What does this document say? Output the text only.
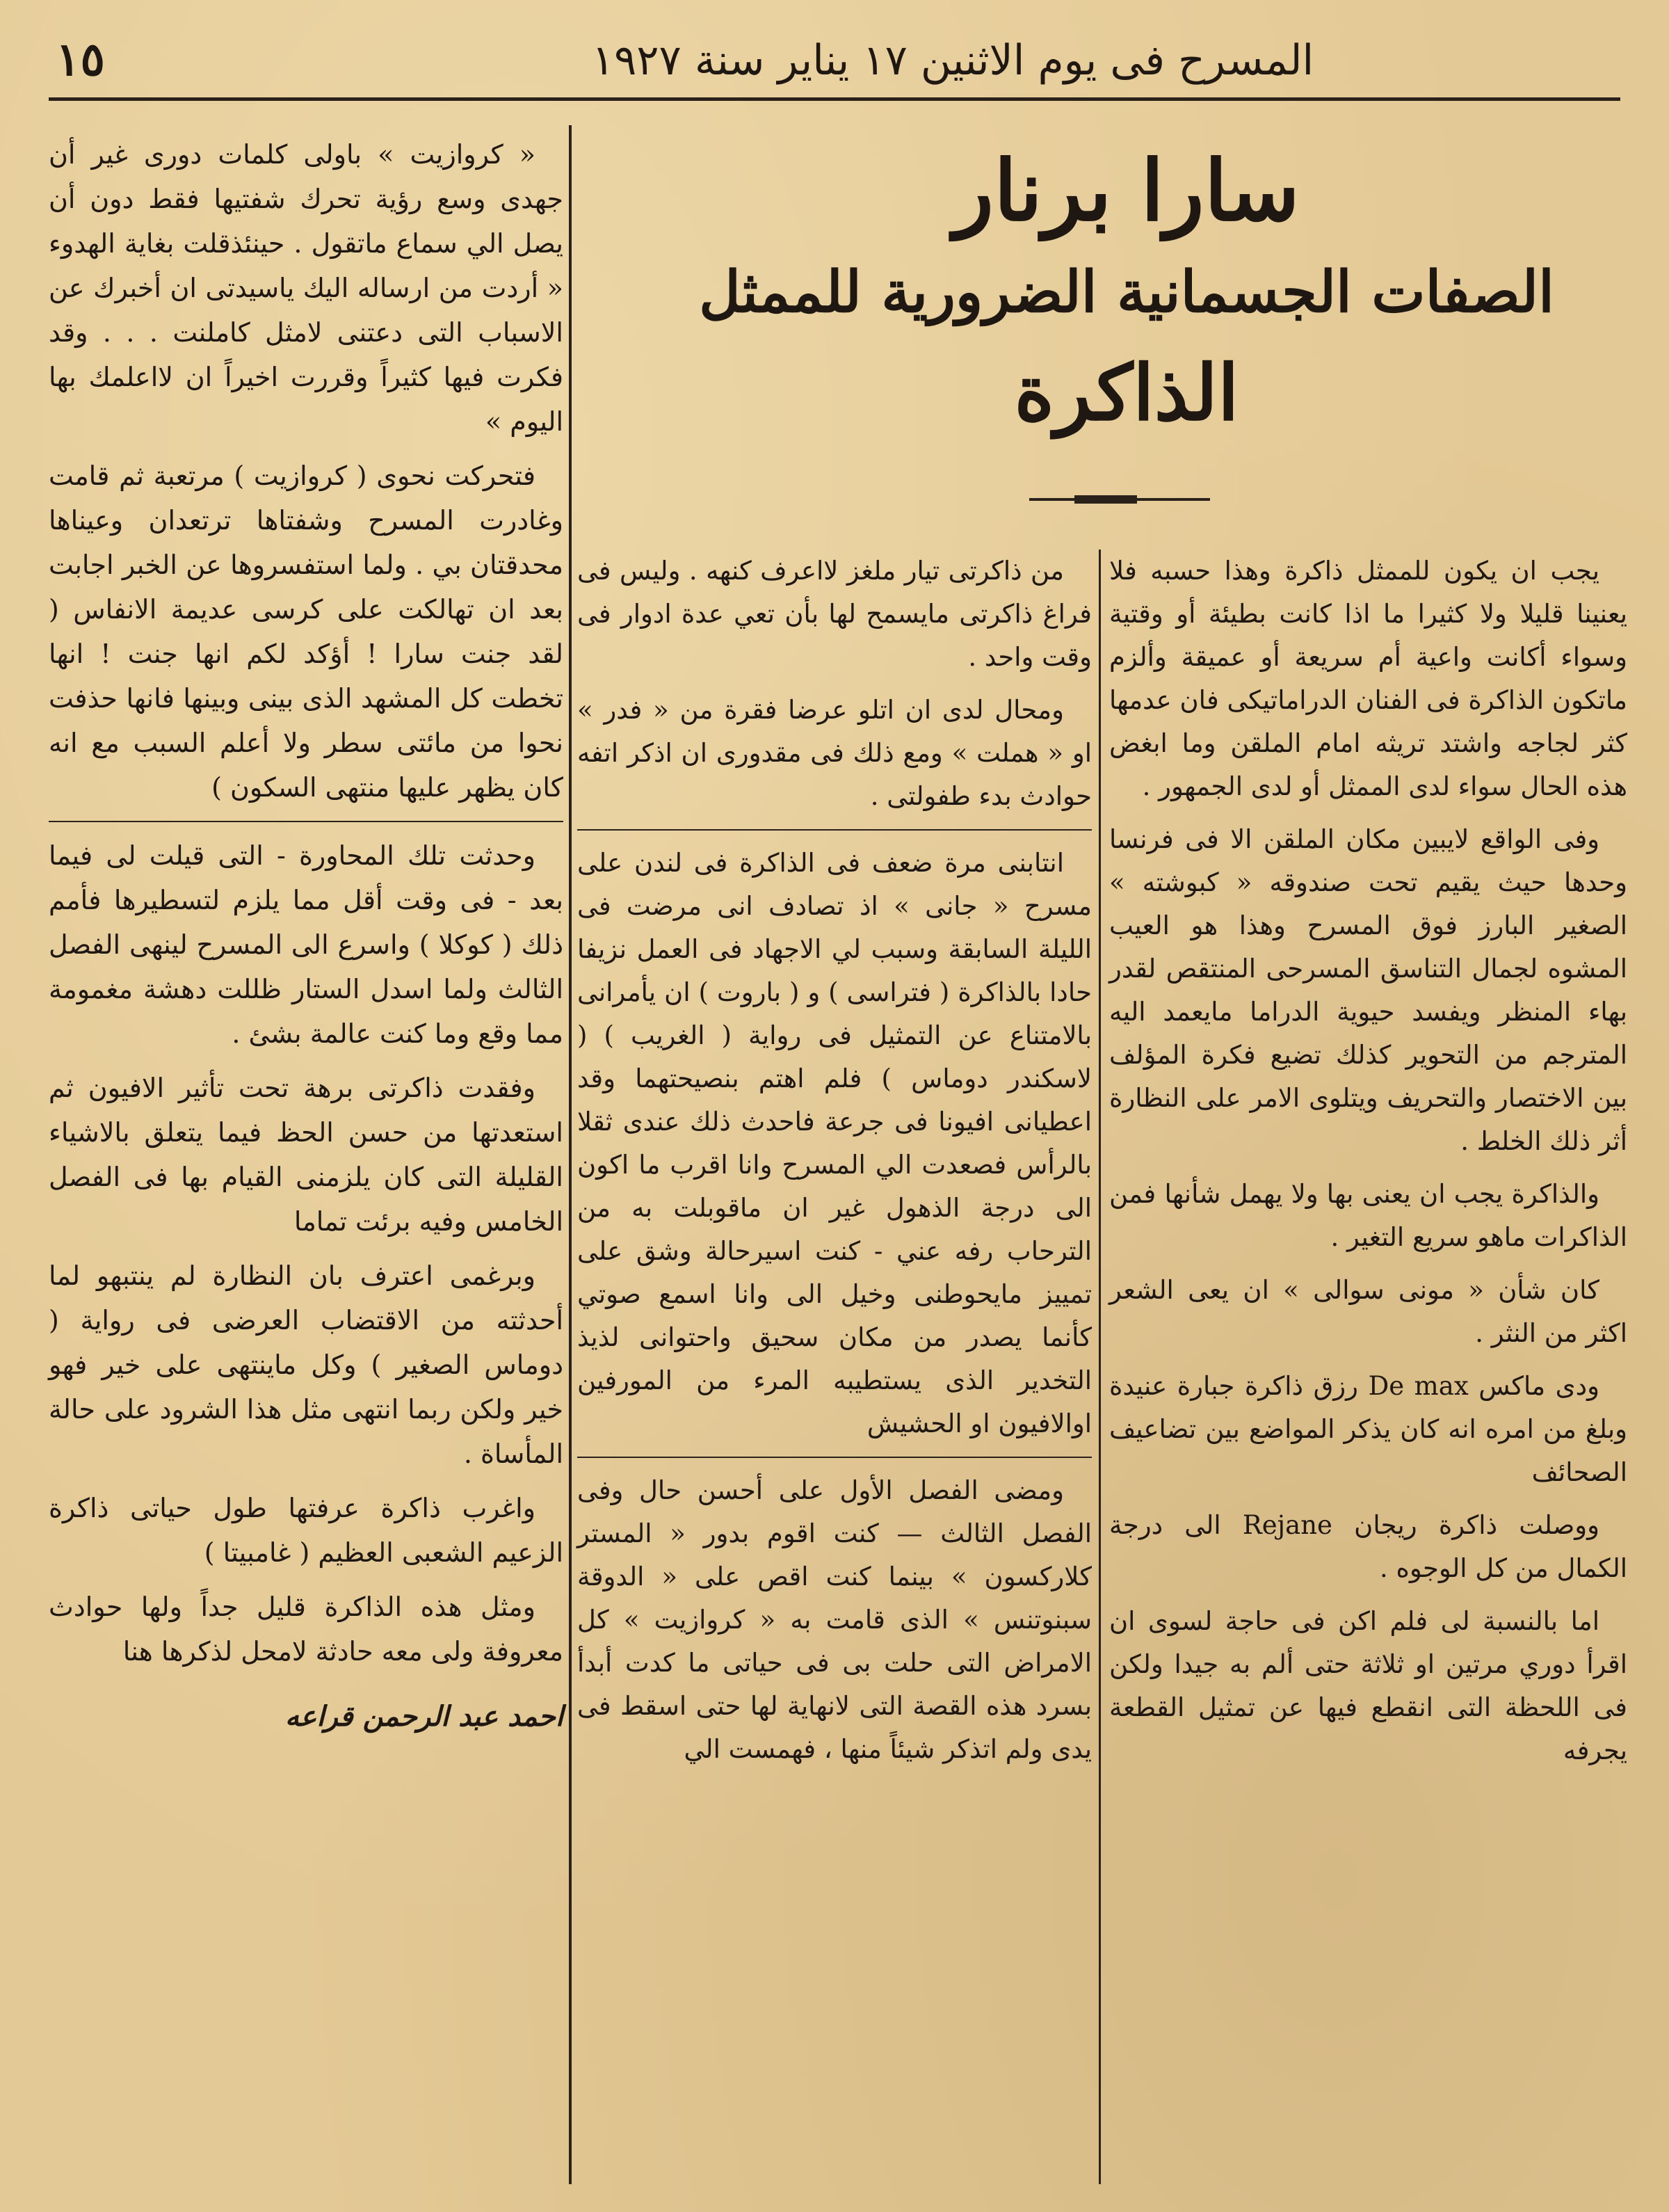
١٥	المسرح فى يوم الاثنين ١٧ يناير سنة ١٩٢٧

« كروازيت » باولى كلمات دورى غير أن جهدى وسع رؤية تحرك شفتيها فقط دون أن يصل الي سماع ماتقول . حينئذقلت بغاية الهدوء « أردت من ارساله اليك ياسيدتى ان أخبرك عن الاسباب التى دعتنى لامثل كاملنت . . . وقد فكرت فيها كثيراً وقررت اخيراً ان لااعلمك بها اليوم »

فتحركت نحوى ( كروازيت ) مرتعبة ثم قامت وغادرت المسرح وشفتاها ترتعدان وعيناها محدقتان بي . ولما استفسروها عن الخبر اجابت بعد ان تهالكت على كرسى عديمة الانفاس ( لقد جنت سارا ! أؤكد لكم انها جنت ! انها تخطت كل المشهد الذى بينى وبينها فانها حذفت نحوا من مائتى سطر ولا أعلم السبب مع انه كان يظهر عليها منتهى السكون )

وحدثت تلك المحاورة - التى قيلت لى فيما بعد - فى وقت أقل مما يلزم لتسطيرها فأمم ذلك ( كوكلا ) واسرع الى المسرح لينهى الفصل الثالث ولما اسدل الستار ظللت دهشة مغمومة مما وقع وما كنت عالمة بشئ .

وفقدت ذاكرتى برهة تحت تأثير الافيون ثم استعدتها من حسن الحظ فيما يتعلق بالاشياء القليلة التى كان يلزمنى القيام بها فى الفصل الخامس وفيه برئت تماما

وبرغمى اعترف بان النظارة لم ينتبهو لما أحدثته من الاقتضاب العرضى فى رواية ( دوماس الصغير ) وكل ماينتهى على خير فهو خير ولكن ربما انتهى مثل هذا الشرود على حالة المأساة .

واغرب ذاكرة عرفتها طول حياتى ذاكرة الزعيم الشعبى العظيم ( غامبيتا )

ومثل هذه الذاكرة قليل جداً ولها حوادث معروفة ولى معه حادثة لامحل لذكرها هنا

احمد عبد الرحمن قراعه

سارا برنار
الصفات الجسمانية الضرورية للممثل
الذاكرة

من ذاكرتى تيار ملغز لااعرف كنهه . وليس فى فراغ ذاكرتى مايسمح لها بأن تعي عدة ادوار فى وقت واحد .

ومحال لدى ان اتلو عرضا فقرة من « فدر » او « هملت » ومع ذلك فى مقدورى ان اذكر اتفه حوادث بدء طفولتى .

انتابنى مرة ضعف فى الذاكرة فى لندن على مسرح « جانى » اذ تصادف انى مرضت فى الليلة السابقة وسبب لي الاجهاد فى العمل نزيفا حادا بالذاكرة ( فتراسى ) و ( باروت ) ان يأمرانى بالامتناع عن التمثيل فى رواية ( الغريب ) ( لاسكندر دوماس ) فلم اهتم بنصيحتهما وقد اعطيانى افيونا فى جرعة فاحدث ذلك عندى ثقلا بالرأس فصعدت الي المسرح وانا اقرب ما اكون الى درجة الذهول غير ان ماقوبلت به من الترحاب رفه عني - كنت اسيرحالة وشق على تمييز مايحوطنى وخيل الى وانا اسمع صوتي كأنما يصدر من مكان سحيق واحتوانى لذيذ التخدير الذى يستطيبه المرء من المورفين اوالافيون او الحشيش

ومضى الفصل الأول على أحسن حال وفى الفصل الثالث — كنت اقوم بدور « المستر كلاركسون » بينما كنت اقص على « الدوقة سبنوتنس » الذى قامت به « كروازيت » كل الامراض التى حلت بى فى حياتى ما كدت أبدأ بسرد هذه القصة التى لانهاية لها حتى اسقط فى يدى ولم اتذكر شيئاً منها ، فهمست الي

يجب ان يكون للممثل ذاكرة وهذا حسبه فلا يعنينا قليلا ولا كثيرا ما اذا كانت بطيئة أو وقتية وسواء أكانت واعية أم سريعة أو عميقة وألزم ماتكون الذاكرة فى الفنان الدراماتيكى فان عدمها كثر لجاجه واشتد تريثه امام الملقن وما ابغض هذه الحال سواء لدى الممثل أو لدى الجمهور .

وفى الواقع لايبين مكان الملقن الا فى فرنسا وحدها حيث يقيم تحت صندوقه « كبوشته » الصغير البارز فوق المسرح وهذا هو العيب المشوه لجمال التناسق المسرحى المنتقص لقدر بهاء المنظر ويفسد حيوية الدراما مايعمد اليه المترجم من التحوير كذلك تضيع فكرة المؤلف بين الاختصار والتحريف ويتلوى الامر على النظارة أثر ذلك الخلط .

والذاكرة يجب ان يعنى بها ولا يهمل شأنها فمن الذاكرات ماهو سريع التغير .

كان شأن « مونى سوالى » ان يعى الشعر اكثر من النثر .

ودى ماكس De max رزق ذاكرة جبارة عنيدة وبلغ من امره انه كان يذكر المواضع بين تضاعيف الصحائف

ووصلت ذاكرة ريجان Rejane الى درجة الكمال من كل الوجوه .

اما بالنسبة لى فلم اكن فى حاجة لسوى ان اقرأ دوري مرتين او ثلاثة حتى ألم به جيدا ولكن فى اللحظة التى انقطع فيها عن تمثيل القطعة يجرفه
